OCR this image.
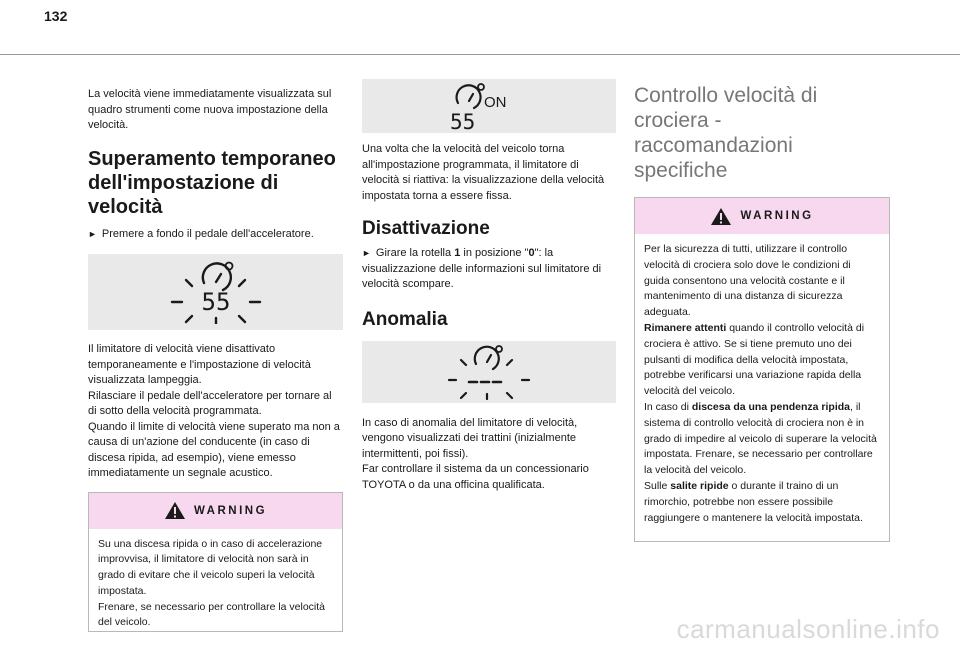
132

La velocità viene immediatamente visualizzata sul quadro strumenti come nuova impostazione della velocità.

Superamento temporaneo dell'impostazione di velocità

► Premere a fondo il pedale dell'acceleratore.

55

Il limitatore di velocità viene disattivato temporaneamente e l'impostazione di velocità visualizzata lampeggia.

Rilasciare il pedale dell'acceleratore per tornare al di sotto della velocità programmata.

Quando il limite di velocità viene superato ma non a causa di un'azione del conducente (in caso di discesa ripida, ad esempio), viene emesso immediatamente un segnale acustico.

WARNING

Su una discesa ripida o in caso di accelerazione improvvisa, il limitatore di velocità non sarà in grado di evitare che il veicolo superi la velocità impostata.

Frenare, se necessario per controllare la velocità del veicolo.

ON
55

Una volta che la velocità del veicolo torna all'impostazione programmata, il limitatore di velocità si riattiva: la visualizzazione della velocità impostata torna a essere fissa.

Disattivazione

► Girare la rotella 1 in posizione "0": la visualizzazione delle informazioni sul limitatore di velocità scompare.

Anomalia

In caso di anomalia del limitatore di velocità, vengono visualizzati dei trattini (inizialmente intermittenti, poi fissi).

Far controllare il sistema da un concessionario TOYOTA o da una officina qualificata.

Controllo velocità di crociera - raccomandazioni specifiche
WARNING

Per la sicurezza di tutti, utilizzare il controllo velocità di crociera solo dove le condizioni di guida consentono una velocità costante e il mantenimento di una distanza di sicurezza adeguata.

Rimanere attenti quando il controllo velocità di crociera è attivo. Se si tiene premuto uno dei pulsanti di modifica della velocità impostata, potrebbe verificarsi una variazione rapida della velocità del veicolo.

In caso di discesa da una pendenza ripida, il sistema di controllo velocità di crociera non è in grado di impedire al veicolo di superare la velocità impostata. Frenare, se necessario per controllare la velocità del veicolo.

Sulle salite ripide o durante il traino di un rimorchio, potrebbe non essere possibile raggiungere o mantenere la velocità impostata.

carmanualsonline.info
